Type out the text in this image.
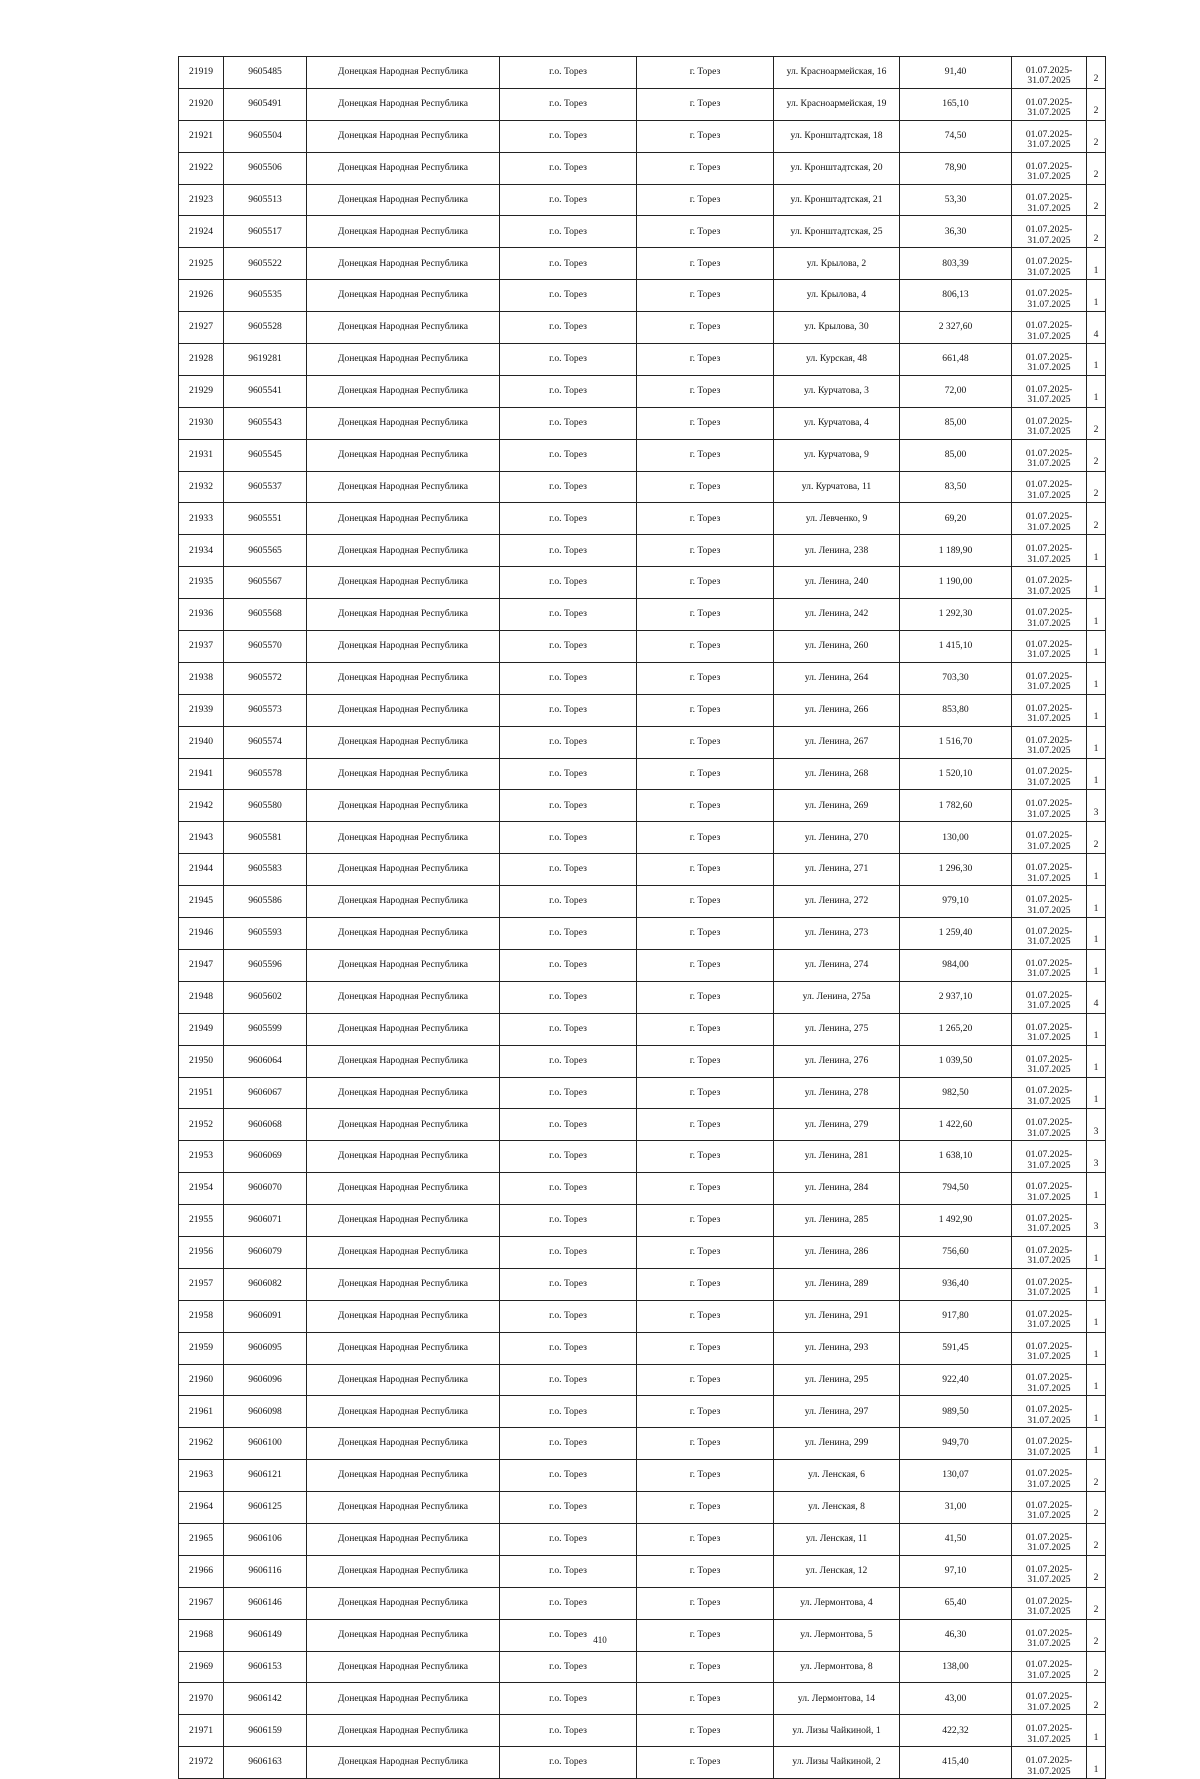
21919	9605485	Донецкая Народная Республика	г.о. Торез	г. Торез	ул. Красноармейская, 16	91,40	01.07.2025-31.07.2025	2
21920	9605491	Донецкая Народная Республика	г.о. Торез	г. Торез	ул. Красноармейская, 19	165,10	01.07.2025-31.07.2025	2
21921	9605504	Донецкая Народная Республика	г.о. Торез	г. Торез	ул. Кронштадтская, 18	74,50	01.07.2025-31.07.2025	2
21922	9605506	Донецкая Народная Республика	г.о. Торез	г. Торез	ул. Кронштадтская, 20	78,90	01.07.2025-31.07.2025	2
21923	9605513	Донецкая Народная Республика	г.о. Торез	г. Торез	ул. Кронштадтская, 21	53,30	01.07.2025-31.07.2025	2
21924	9605517	Донецкая Народная Республика	г.о. Торез	г. Торез	ул. Кронштадтская, 25	36,30	01.07.2025-31.07.2025	2
21925	9605522	Донецкая Народная Республика	г.о. Торез	г. Торез	ул. Крылова, 2	803,39	01.07.2025-31.07.2025	1
21926	9605535	Донецкая Народная Республика	г.о. Торез	г. Торез	ул. Крылова, 4	806,13	01.07.2025-31.07.2025	1
21927	9605528	Донецкая Народная Республика	г.о. Торез	г. Торез	ул. Крылова, 30	2 327,60	01.07.2025-31.07.2025	4
21928	9619281	Донецкая Народная Республика	г.о. Торез	г. Торез	ул. Курская, 48	661,48	01.07.2025-31.07.2025	1
21929	9605541	Донецкая Народная Республика	г.о. Торез	г. Торез	ул. Курчатова, 3	72,00	01.07.2025-31.07.2025	1
21930	9605543	Донецкая Народная Республика	г.о. Торез	г. Торез	ул. Курчатова, 4	85,00	01.07.2025-31.07.2025	2
21931	9605545	Донецкая Народная Республика	г.о. Торез	г. Торез	ул. Курчатова, 9	85,00	01.07.2025-31.07.2025	2
21932	9605537	Донецкая Народная Республика	г.о. Торез	г. Торез	ул. Курчатова, 11	83,50	01.07.2025-31.07.2025	2
21933	9605551	Донецкая Народная Республика	г.о. Торез	г. Торез	ул. Левченко, 9	69,20	01.07.2025-31.07.2025	2
21934	9605565	Донецкая Народная Республика	г.о. Торез	г. Торез	ул. Ленина, 238	1 189,90	01.07.2025-31.07.2025	1
21935	9605567	Донецкая Народная Республика	г.о. Торез	г. Торез	ул. Ленина, 240	1 190,00	01.07.2025-31.07.2025	1
21936	9605568	Донецкая Народная Республика	г.о. Торез	г. Торез	ул. Ленина, 242	1 292,30	01.07.2025-31.07.2025	1
21937	9605570	Донецкая Народная Республика	г.о. Торез	г. Торез	ул. Ленина, 260	1 415,10	01.07.2025-31.07.2025	1
21938	9605572	Донецкая Народная Республика	г.о. Торез	г. Торез	ул. Ленина, 264	703,30	01.07.2025-31.07.2025	1
21939	9605573	Донецкая Народная Республика	г.о. Торез	г. Торез	ул. Ленина, 266	853,80	01.07.2025-31.07.2025	1
21940	9605574	Донецкая Народная Республика	г.о. Торез	г. Торез	ул. Ленина, 267	1 516,70	01.07.2025-31.07.2025	1
21941	9605578	Донецкая Народная Республика	г.о. Торез	г. Торез	ул. Ленина, 268	1 520,10	01.07.2025-31.07.2025	1
21942	9605580	Донецкая Народная Республика	г.о. Торез	г. Торез	ул. Ленина, 269	1 782,60	01.07.2025-31.07.2025	3
21943	9605581	Донецкая Народная Республика	г.о. Торез	г. Торез	ул. Ленина, 270	130,00	01.07.2025-31.07.2025	2
21944	9605583	Донецкая Народная Республика	г.о. Торез	г. Торез	ул. Ленина, 271	1 296,30	01.07.2025-31.07.2025	1
21945	9605586	Донецкая Народная Республика	г.о. Торез	г. Торез	ул. Ленина, 272	979,10	01.07.2025-31.07.2025	1
21946	9605593	Донецкая Народная Республика	г.о. Торез	г. Торез	ул. Ленина, 273	1 259,40	01.07.2025-31.07.2025	1
21947	9605596	Донецкая Народная Республика	г.о. Торез	г. Торез	ул. Ленина, 274	984,00	01.07.2025-31.07.2025	1
21948	9605602	Донецкая Народная Республика	г.о. Торез	г. Торез	ул. Ленина, 275а	2 937,10	01.07.2025-31.07.2025	4
21949	9605599	Донецкая Народная Республика	г.о. Торез	г. Торез	ул. Ленина, 275	1 265,20	01.07.2025-31.07.2025	1
21950	9606064	Донецкая Народная Республика	г.о. Торез	г. Торез	ул. Ленина, 276	1 039,50	01.07.2025-31.07.2025	1
21951	9606067	Донецкая Народная Республика	г.о. Торез	г. Торез	ул. Ленина, 278	982,50	01.07.2025-31.07.2025	1
21952	9606068	Донецкая Народная Республика	г.о. Торез	г. Торез	ул. Ленина, 279	1 422,60	01.07.2025-31.07.2025	3
21953	9606069	Донецкая Народная Республика	г.о. Торез	г. Торез	ул. Ленина, 281	1 638,10	01.07.2025-31.07.2025	3
21954	9606070	Донецкая Народная Республика	г.о. Торез	г. Торез	ул. Ленина, 284	794,50	01.07.2025-31.07.2025	1
21955	9606071	Донецкая Народная Республика	г.о. Торез	г. Торез	ул. Ленина, 285	1 492,90	01.07.2025-31.07.2025	3
21956	9606079	Донецкая Народная Республика	г.о. Торез	г. Торез	ул. Ленина, 286	756,60	01.07.2025-31.07.2025	1
21957	9606082	Донецкая Народная Республика	г.о. Торез	г. Торез	ул. Ленина, 289	936,40	01.07.2025-31.07.2025	1
21958	9606091	Донецкая Народная Республика	г.о. Торез	г. Торез	ул. Ленина, 291	917,80	01.07.2025-31.07.2025	1
21959	9606095	Донецкая Народная Республика	г.о. Торез	г. Торез	ул. Ленина, 293	591,45	01.07.2025-31.07.2025	1
21960	9606096	Донецкая Народная Республика	г.о. Торез	г. Торез	ул. Ленина, 295	922,40	01.07.2025-31.07.2025	1
21961	9606098	Донецкая Народная Республика	г.о. Торез	г. Торез	ул. Ленина, 297	989,50	01.07.2025-31.07.2025	1
21962	9606100	Донецкая Народная Республика	г.о. Торез	г. Торез	ул. Ленина, 299	949,70	01.07.2025-31.07.2025	1
21963	9606121	Донецкая Народная Республика	г.о. Торез	г. Торез	ул. Ленская, 6	130,07	01.07.2025-31.07.2025	2
21964	9606125	Донецкая Народная Республика	г.о. Торез	г. Торез	ул. Ленская, 8	31,00	01.07.2025-31.07.2025	2
21965	9606106	Донецкая Народная Республика	г.о. Торез	г. Торез	ул. Ленская, 11	41,50	01.07.2025-31.07.2025	2
21966	9606116	Донецкая Народная Республика	г.о. Торез	г. Торез	ул. Ленская, 12	97,10	01.07.2025-31.07.2025	2
21967	9606146	Донецкая Народная Республика	г.о. Торез	г. Торез	ул. Лермонтова, 4	65,40	01.07.2025-31.07.2025	2
21968	9606149	Донецкая Народная Республика	г.о. Торез	г. Торез	ул. Лермонтова, 5	46,30	01.07.2025-31.07.2025	2
21969	9606153	Донецкая Народная Республика	г.о. Торез	г. Торез	ул. Лермонтова, 8	138,00	01.07.2025-31.07.2025	2
21970	9606142	Донецкая Народная Республика	г.о. Торез	г. Торез	ул. Лермонтова, 14	43,00	01.07.2025-31.07.2025	2
21971	9606159	Донецкая Народная Республика	г.о. Торез	г. Торез	ул. Лизы Чайкиной, 1	422,32	01.07.2025-31.07.2025	1
21972	9606163	Донецкая Народная Республика	г.о. Торез	г. Торез	ул. Лизы Чайкиной, 2	415,40	01.07.2025-31.07.2025	1
410
